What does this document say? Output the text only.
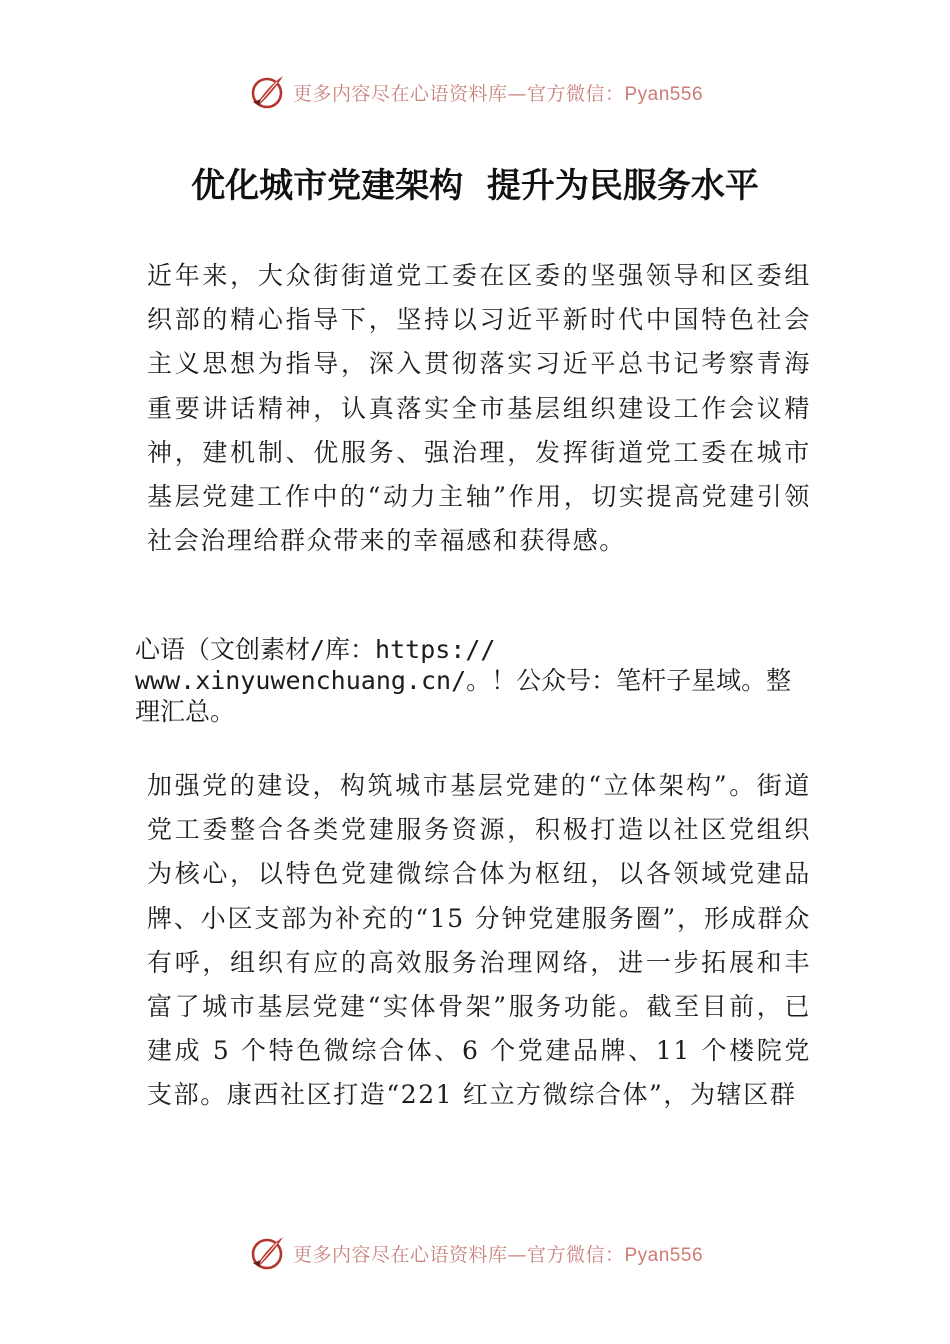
更多内容尽在心语资料库—官方微信：Pyan556
优化城市党建架构  提升为民服务水平

近年来，大众街街道党工委在区委的坚强领导和区委组织部的精心指导下，坚持以习近平新时代中国特色社会主义思想为指导，深入贯彻落实习近平总书记考察青海重要讲话精神，认真落实全市基层组织建设工作会议精神，建机制、优服务、强治理，发挥街道党工委在城市基层党建工作中的“动力主轴”作用，切实提高党建引领社会治理给群众带来的幸福感和获得感。

心语（文创素材/库：https://
www.xinyuwenchuang.cn/。！公众号：笔杆子星域。整理汇总。

加强党的建设，构筑城市基层党建的“立体架构”。街道党工委整合各类党建服务资源，积极打造以社区党组织为核心，以特色党建微综合体为枢纽，以各领域党建品牌、小区支部为补充的“15 分钟党建服务圈”，形成群众有呼，组织有应的高效服务治理网络，进一步拓展和丰富了城市基层党建“实体骨架”服务功能。截至目前，已建成 5 个特色微综合体、6 个党建品牌、11 个楼院党支部。康西社区打造“221 红立方微综合体”，为辖区群

更多内容尽在心语资料库—官方微信：Pyan556
